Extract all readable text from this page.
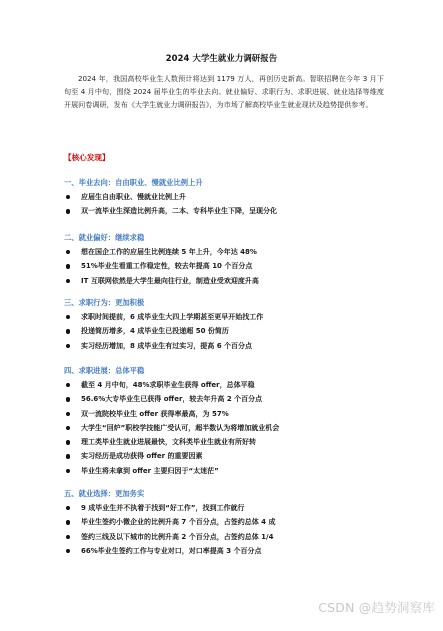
2024 大学生就业力调研报告

2024 年，我国高校毕业生人数预计将达到 1179 万人，再创历史新高。智联招聘在今年 3 月下旬至 4 月中旬，围绕 2024 届毕业生的毕业去向、就业偏好、求职行为、求职进展、就业选择等维度开展问卷调研，发布《大学生就业力调研报告》，为市场了解高校毕业生就业现状及趋势提供参考。

【核心发现】
一、毕业去向：自由职业、慢就业比例上升
应届生自由职业、慢就业比例上升
双一流毕业生深造比例升高，二本、专科毕业生下降，呈现分化
二、就业偏好：继续求稳
想在国企工作的应届生比例连续 5 年上升，今年达 48%
51%毕业生看重工作稳定性，较去年提高 10 个百分点
IT 互联网依然是大学生最向往行业，制造业受欢迎度升高
三、求职行为：更加积极
求职时间提前，6 成毕业生大四上学期甚至更早开始找工作
投递简历增多，4 成毕业生已投递超 50 份简历
实习经历增加，8 成毕业生有过实习，提高 6 个百分点
四、求职进展：总体平稳
截至 4 月中旬，48%求职毕业生获得 offer，总体平稳
56.6%大专毕业生已获得 offer，较去年升高 2 个百分点
双一流院校毕业生 offer 获得率最高，为 57%
大学生“回炉”职校学技能广受认可，超半数认为将增加就业机会
理工类毕业生就业进展最快，文科类毕业生就业有所好转
实习经历是成功获得 offer 的重要因素
毕业生将未拿到 offer 主要归因于“太迷茫”
五、就业选择：更加务实
9 成毕业生并不执着于找到“好工作”，找到工作就行
毕业生签约小微企业的比例升高 7 个百分点，占签约总体 4 成
签约三线及以下城市的比例升高 2 个百分点，占签约总体 1/4
66%毕业生签约工作与专业对口，对口率提高 3 个百分点
CSDN @趋势洞察库
